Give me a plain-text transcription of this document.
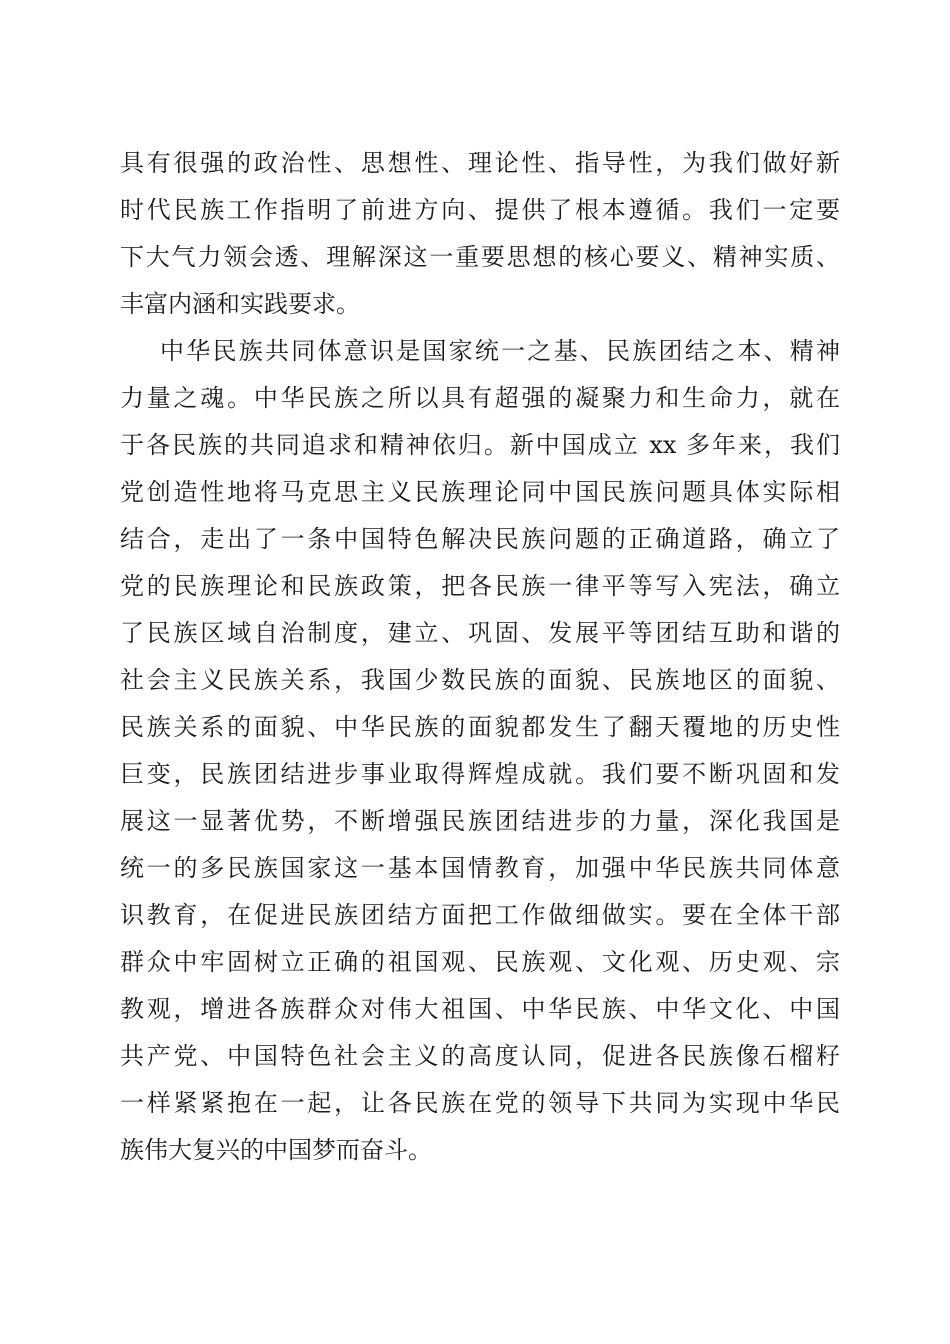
具有很强的政治性、思想性、理论性、指导性，为我们做好新
时代民族工作指明了前进方向、提供了根本遵循。我们一定要
下大气力领会透、理解深这一重要思想的核心要义、精神实质、
丰富内涵和实践要求。
中华民族共同体意识是国家统一之基、民族团结之本、精神
力量之魂。中华民族之所以具有超强的凝聚力和生命力，就在
于各民族的共同追求和精神依归。新中国成立 xx 多年来，我们
党创造性地将马克思主义民族理论同中国民族问题具体实际相
结合，走出了一条中国特色解决民族问题的正确道路，确立了
党的民族理论和民族政策，把各民族一律平等写入宪法，确立
了民族区域自治制度，建立、巩固、发展平等团结互助和谐的
社会主义民族关系，我国少数民族的面貌、民族地区的面貌、
民族关系的面貌、中华民族的面貌都发生了翻天覆地的历史性
巨变，民族团结进步事业取得辉煌成就。我们要不断巩固和发
展这一显著优势，不断增强民族团结进步的力量，深化我国是
统一的多民族国家这一基本国情教育，加强中华民族共同体意
识教育，在促进民族团结方面把工作做细做实。要在全体干部
群众中牢固树立正确的祖国观、民族观、文化观、历史观、宗
教观，增进各族群众对伟大祖国、中华民族、中华文化、中国
共产党、中国特色社会主义的高度认同，促进各民族像石榴籽
一样紧紧抱在一起，让各民族在党的领导下共同为实现中华民
族伟大复兴的中国梦而奋斗。
